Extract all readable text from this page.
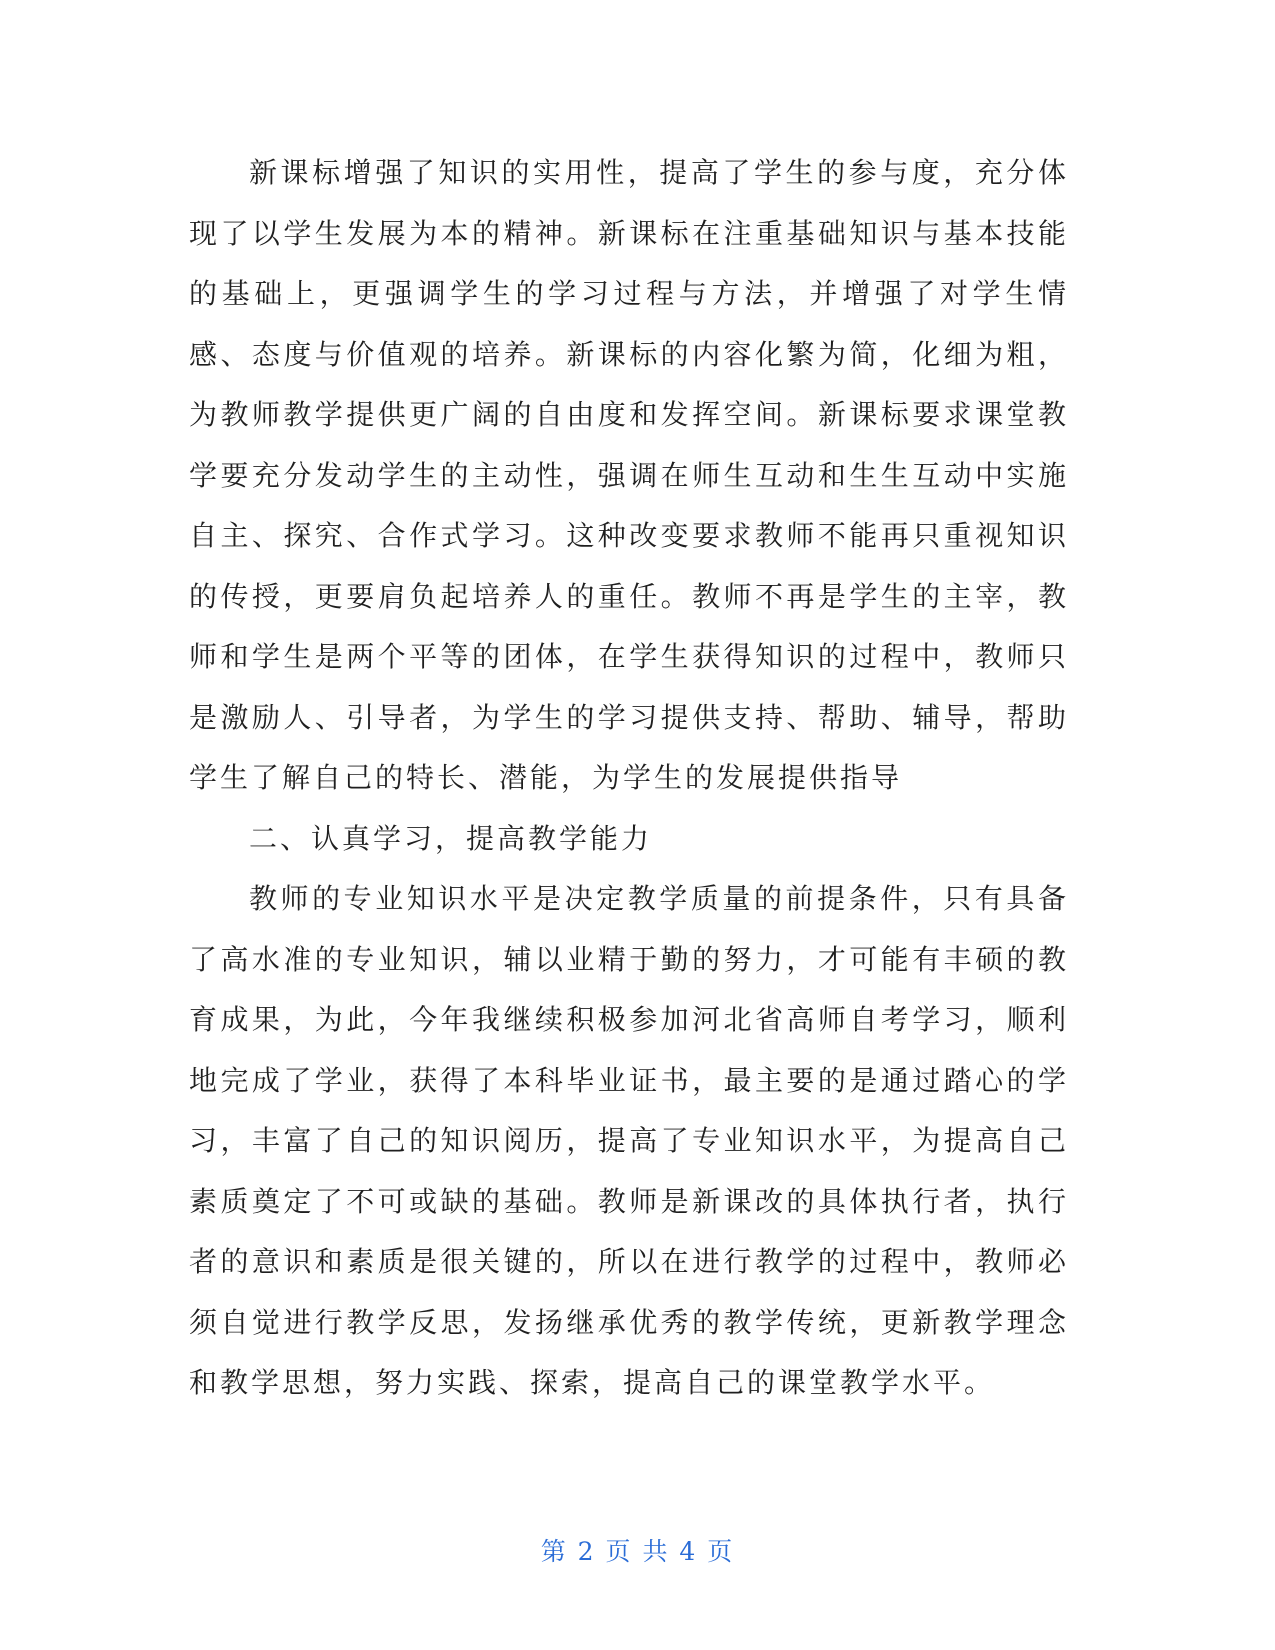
新课标增强了知识的实用性，提高了学生的参与度，充分体现了以学生发展为本的精神。新课标在注重基础知识与基本技能的基础上，更强调学生的学习过程与方法，并增强了对学生情感、态度与价值观的培养。新课标的内容化繁为简，化细为粗，为教师教学提供更广阔的自由度和发挥空间。新课标要求课堂教学要充分发动学生的主动性，强调在师生互动和生生互动中实施自主、探究、合作式学习。这种改变要求教师不能再只重视知识的传授，更要肩负起培养人的重任。教师不再是学生的主宰，教师和学生是两个平等的团体，在学生获得知识的过程中，教师只是激励人、引导者，为学生的学习提供支持、帮助、辅导，帮助学生了解自己的特长、潜能，为学生的发展提供指导

二、认真学习，提高教学能力

教师的专业知识水平是决定教学质量的前提条件，只有具备了高水准的专业知识，辅以业精于勤的努力，才可能有丰硕的教育成果，为此，今年我继续积极参加河北省高师自考学习，顺利地完成了学业，获得了本科毕业证书，最主要的是通过踏心的学习，丰富了自己的知识阅历，提高了专业知识水平，为提高自己素质奠定了不可或缺的基础。教师是新课改的具体执行者，执行者的意识和素质是很关键的，所以在进行教学的过程中，教师必须自觉进行教学反思，发扬继承优秀的教学传统，更新教学理念和教学思想，努力实践、探索，提高自己的课堂教学水平。

第 2 页 共 4 页
